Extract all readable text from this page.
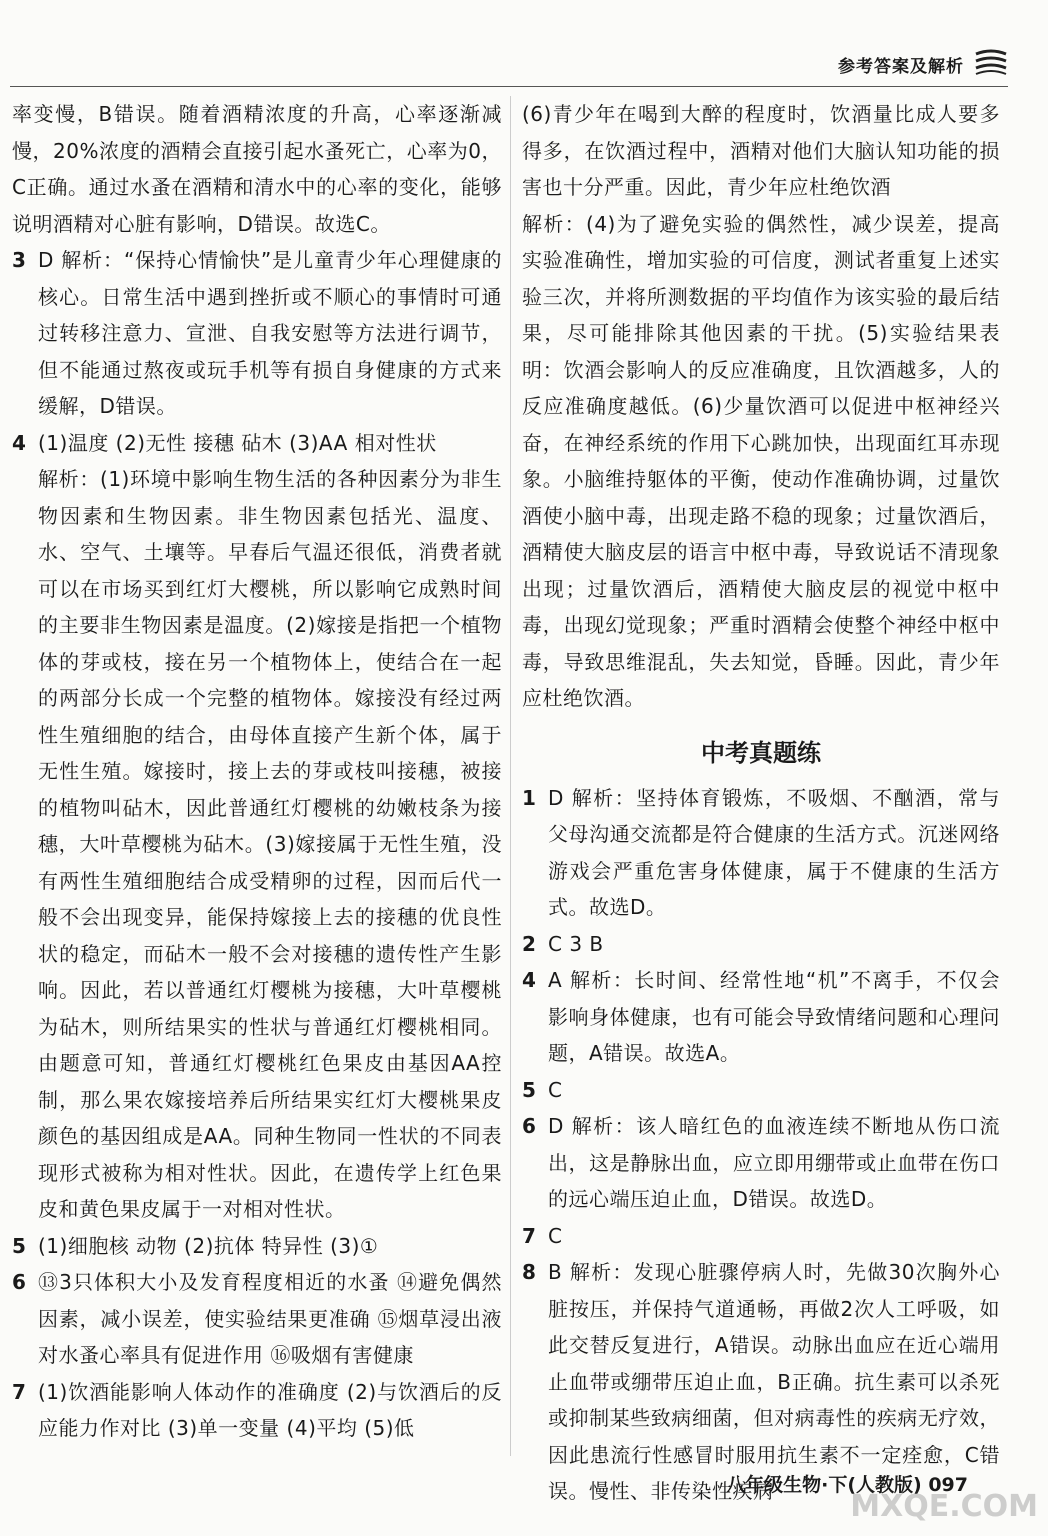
参考答案及解析

率变慢，B错误。随着酒精浓度的升高，心率逐渐减慢，20%浓度的酒精会直接引起水蚤死亡，心率为0，C正确。通过水蚤在酒精和清水中的心率的变化，能够说明酒精对心脏有影响，D错误。故选C。

3 D 解析：“保持心情愉快”是儿童青少年心理健康的核心。日常生活中遇到挫折或不顺心的事情时可通过转移注意力、宣泄、自我安慰等方法进行调节，但不能通过熬夜或玩手机等有损自身健康的方式来缓解，D错误。
4 (1)温度 (2)无性 接穗 砧木 (3)AA 相对性状
解析：(1)环境中影响生物生活的各种因素分为非生物因素和生物因素。非生物因素包括光、温度、水、空气、土壤等。早春后气温还很低，消费者就可以在市场买到红灯大樱桃，所以影响它成熟时间的主要非生物因素是温度。(2)嫁接是指把一个植物体的芽或枝，接在另一个植物体上，使结合在一起的两部分长成一个完整的植物体。嫁接没有经过两性生殖细胞的结合，由母体直接产生新个体，属于无性生殖。嫁接时，接上去的芽或枝叫接穗，被接的植物叫砧木，因此普通红灯樱桃的幼嫩枝条为接穗，大叶草樱桃为砧木。(3)嫁接属于无性生殖，没有两性生殖细胞结合成受精卵的过程，因而后代一般不会出现变异，能保持嫁接上去的接穗的优良性状的稳定，而砧木一般不会对接穗的遗传性产生影响。因此，若以普通红灯樱桃为接穗，大叶草樱桃为砧木，则所结果实的性状与普通红灯樱桃相同。由题意可知，普通红灯樱桃红色果皮由基因AA控制，那么果农嫁接培养后所结果实红灯大樱桃果皮颜色的基因组成是AA。同种生物同一性状的不同表现形式被称为相对性状。因此，在遗传学上红色果皮和黄色果皮属于一对相对性状。
5 (1)细胞核 动物 (2)抗体 特异性 (3)①
6 ⑬3只体积大小及发育程度相近的水蚤 ⑭避免偶然因素，减小误差，使实验结果更准确 ⑮烟草浸出液对水蚤心率具有促进作用 ⑯吸烟有害健康
7 (1)饮酒能影响人体动作的准确度 (2)与饮酒后的反应能力作对比 (3)单一变量 (4)平均 (5)低

(6)青少年在喝到大醉的程度时，饮酒量比成人要多得多，在饮酒过程中，酒精对他们大脑认知功能的损害也十分严重。因此，青少年应杜绝饮酒

解析：(4)为了避免实验的偶然性，减少误差，提高实验准确性，增加实验的可信度，测试者重复上述实验三次，并将所测数据的平均值作为该实验的最后结果，尽可能排除其他因素的干扰。(5)实验结果表明：饮酒会影响人的反应准确度，且饮酒越多，人的反应准确度越低。(6)少量饮酒可以促进中枢神经兴奋，在神经系统的作用下心跳加快，出现面红耳赤现象。小脑维持躯体的平衡，使动作准确协调，过量饮酒使小脑中毒，出现走路不稳的现象；过量饮酒后，酒精使大脑皮层的语言中枢中毒，导致说话不清现象出现；过量饮酒后，酒精使大脑皮层的视觉中枢中毒，出现幻觉现象；严重时酒精会使整个神经中枢中毒，导致思维混乱，失去知觉，昏睡。因此，青少年应杜绝饮酒。

中考真题练
1 D 解析：坚持体育锻炼，不吸烟、不酗酒，常与父母沟通交流都是符合健康的生活方式。沉迷网络游戏会严重危害身体健康，属于不健康的生活方式。故选D。
2 C 3 B
4 A 解析：长时间、经常性地“机”不离手，不仅会影响身体健康，也有可能会导致情绪问题和心理问题，A错误。故选A。
5 C
6 D 解析：该人暗红色的血液连续不断地从伤口流出，这是静脉出血，应立即用绷带或止血带在伤口的远心端压迫止血，D错误。故选D。
7 C
8 B 解析：发现心脏骤停病人时，先做30次胸外心脏按压，并保持气道通畅，再做2次人工呼吸，如此交替反复进行，A错误。动脉出血应在近心端用止血带或绷带压迫止血，B正确。抗生素可以杀死或抑制某些致病细菌，但对病毒性的疾病无疗效，因此患流行性感冒时服用抗生素不一定痊愈，C错误。慢性、非传染性疾病
八年级生物·下(人教版) 097
MXQE.COM
